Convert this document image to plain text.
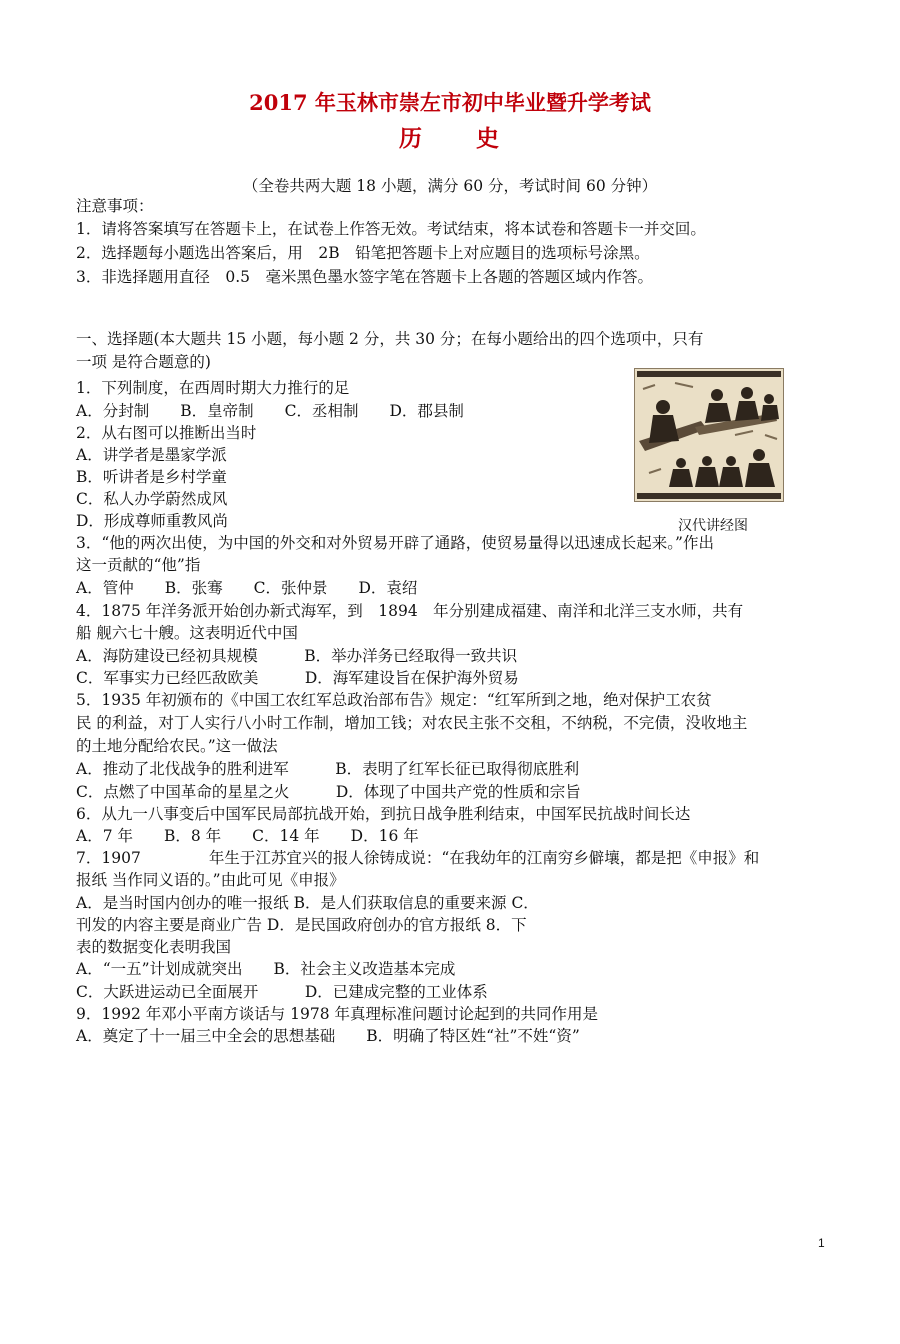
2017 年玉林市崇左市初中毕业暨升学考试
历 史
（全卷共两大题 18 小题，满分 60 分，考试时间 60 分钟）
注意事项：
1．请将答案填写在答题卡上，在试卷上作答无效。考试结束，将本试卷和答题卡一并交回。
2．选择题每小题选出答案后，用　2B　铅笔把答题卡上对应题目的选项标号涂黑。
3．非选择题用直径　0.5　毫米黑色墨水签字笔在答题卡上各题的答题区域内作答。
一、选择题(本大题共 15 小题，每小题 2 分，共 30 分；在每小题给出的四个选项中，只有
一项 是符合题意的)
1．下列制度，在西周时期大力推行的足
A．分封制　　B．皇帝制　　C．丞相制　　D．郡县制
2．从右图可以推断出当时
A．讲学者是墨家学派
B．听讲者是乡村学童
C．私人办学蔚然成风
D．形成尊师重教风尚	汉代讲经图
3．“他的两次出使，为中国的外交和对外贸易开辟了通路，使贸易量得以迅速成长起来。”作出
这一贡献的“他”指
A．管仲　　B．张骞　　C．张仲景　　D．袁绍
4．1875 年洋务派开始创办新式海军，到　1894　年分别建成福建、南洋和北洋三支水师，共有
船 舰六七十艘。这表明近代中国
A．海防建设已经初具规模　　　B．举办洋务已经取得一致共识
C．军事实力已经匹敌欧美　　　D．海军建设旨在保护海外贸易
5．1935 年初颁布的《中国工农红军总政治部布告》规定：“红军所到之地，绝对保护工农贫
民 的利益，对丁人实行八小时工作制，增加工钱；对农民主张不交租，不纳税，不完债，没收地主
的土地分配给农民。”这一做法
A．推动了北伐战争的胜利进军　　　B．表明了红军长征已取得彻底胜利
C．点燃了中国革命的星星之火　　　D．体现了中国共产党的性质和宗旨
6．从九一八事变后中国军民局部抗战开始，到抗日战争胜利结束，中国军民抗战时间长达
A．7 年　　B．8 年　　C．14 年　　D．16 年
7．1907	年生于江苏宜兴的报人徐铸成说：“在我幼年的江南穷乡僻壤，都是把《申报》和
报纸 当作同义语的。”由此可见《申报》
A．是当时国内创办的唯一报纸 B．是人们获取信息的重要来源 C．
刊发的内容主要是商业广告 D．是民国政府创办的官方报纸 8．下
表的数据变化表明我国
A．“一五”计划成就突出　　B．社会主义改造基本完成
C．大跃进运动已全面展开　　　D．已建成完整的工业体系
9．1992 年邓小平南方谈话与 1978 年真理标准问题讨论起到的共同作用是
A．奠定了十一届三中全会的思想基础　　B．明确了特区姓“社”不姓“资”
1
